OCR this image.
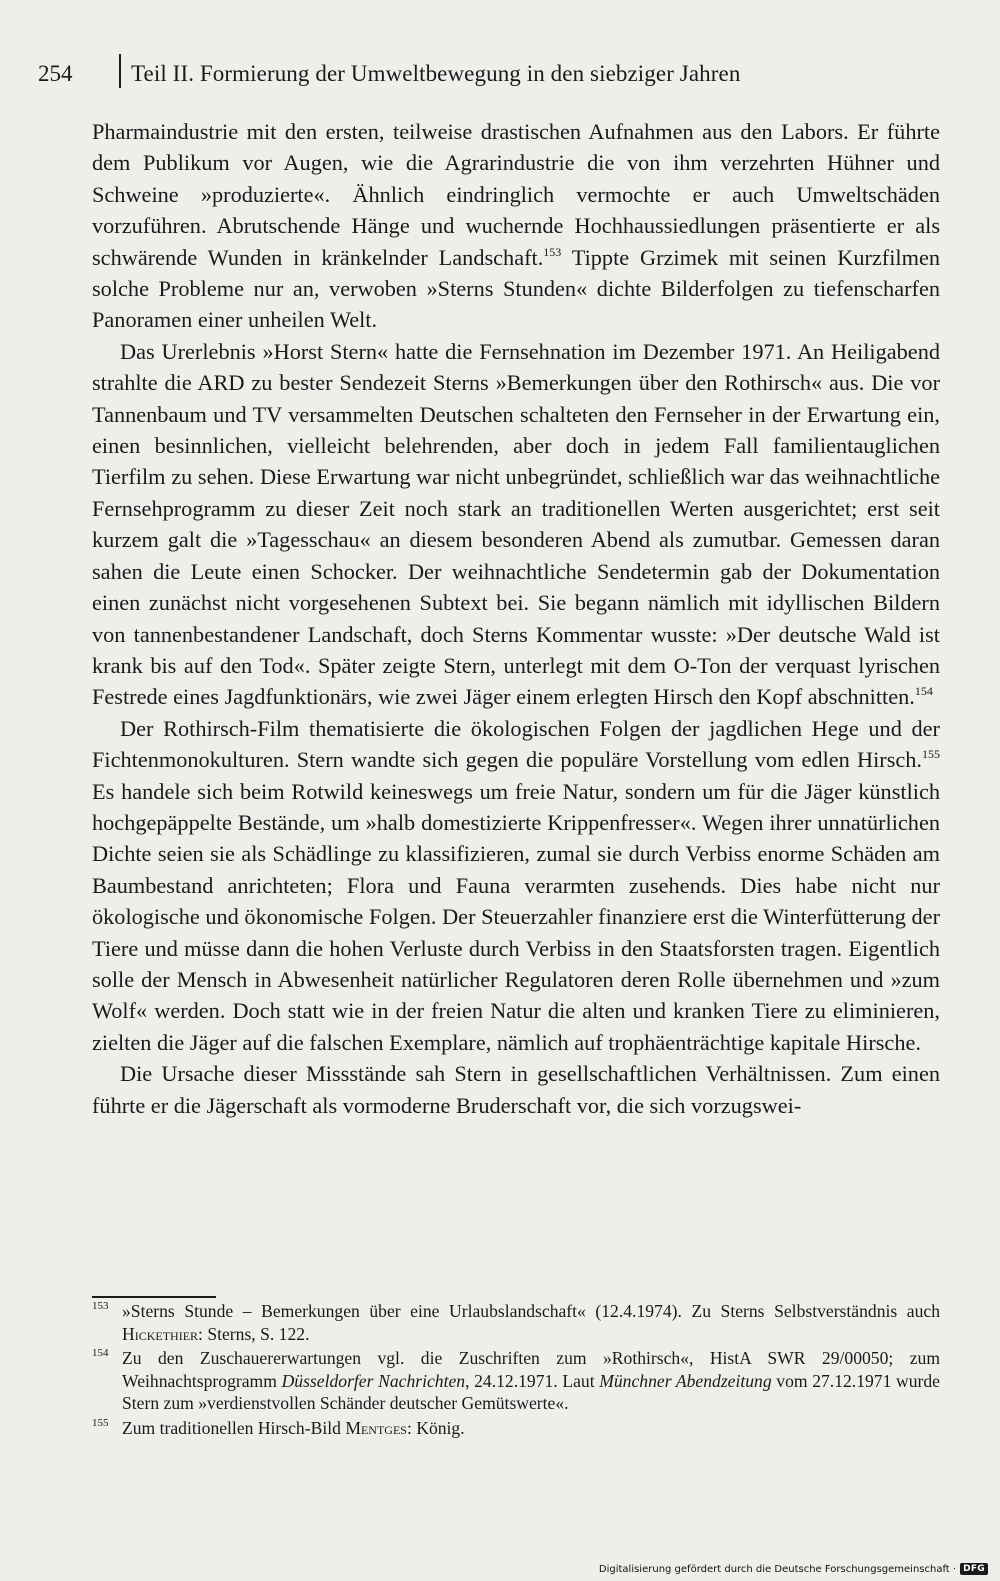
254	Teil II. Formierung der Umweltbewegung in den siebziger Jahren

Pharmaindustrie mit den ersten, teilweise drastischen Aufnahmen aus den Labors. Er führte dem Publikum vor Augen, wie die Agrarindustrie die von ihm verzehrten Hühner und Schweine »produzierte«. Ähnlich eindringlich vermochte er auch Umweltschäden vorzuführen. Abrutschende Hänge und wuchernde Hochhaussiedlungen präsentierte er als schwärende Wunden in kränkelnder Landschaft.$^{153}$ Tippte Grzimek mit seinen Kurzfilmen solche Probleme nur an, verwoben »Sterns Stunden« dichte Bilderfolgen zu tiefenscharfen Panoramen einer unheilen Welt.

Das Urerlebnis »Horst Stern« hatte die Fernsehnation im Dezember 1971. An Heiligabend strahlte die ARD zu bester Sendezeit Sterns »Bemerkungen über den Rothirsch« aus. Die vor Tannenbaum und TV versammelten Deutschen schalteten den Fernseher in der Erwartung ein, einen besinnlichen, vielleicht belehrenden, aber doch in jedem Fall familientauglichen Tierfilm zu sehen. Diese Erwartung war nicht unbegründet, schließlich war das weihnachtliche Fernsehprogramm zu dieser Zeit noch stark an traditionellen Werten ausgerichtet; erst seit kurzem galt die »Tagesschau« an diesem besonderen Abend als zumutbar. Gemessen daran sahen die Leute einen Schocker. Der weihnachtliche Sendetermin gab der Dokumentation einen zunächst nicht vorgesehenen Subtext bei. Sie begann nämlich mit idyllischen Bildern von tannenbestandener Landschaft, doch Sterns Kommentar wusste: »Der deutsche Wald ist krank bis auf den Tod«. Später zeigte Stern, unterlegt mit dem O-Ton der verquast lyrischen Festrede eines Jagdfunktionärs, wie zwei Jäger einem erlegten Hirsch den Kopf abschnitten.$^{154}$

Der Rothirsch-Film thematisierte die ökologischen Folgen der jagdlichen Hege und der Fichtenmonokulturen. Stern wandte sich gegen die populäre Vorstellung vom edlen Hirsch.$^{155}$ Es handele sich beim Rotwild keineswegs um freie Natur, sondern um für die Jäger künstlich hochgepäppelte Bestände, um »halb domestizierte Krippenfresser«. Wegen ihrer unnatürlichen Dichte seien sie als Schädlinge zu klassifizieren, zumal sie durch Verbiss enorme Schäden am Baumbestand anrichteten; Flora und Fauna verarmten zusehends. Dies habe nicht nur ökologische und ökonomische Folgen. Der Steuerzahler finanziere erst die Winterfütterung der Tiere und müsse dann die hohen Verluste durch Verbiss in den Staatsforsten tragen. Eigentlich solle der Mensch in Abwesenheit natürlicher Regulatoren deren Rolle übernehmen und »zum Wolf« werden. Doch statt wie in der freien Natur die alten und kranken Tiere zu eliminieren, zielten die Jäger auf die falschen Exemplare, nämlich auf trophäenträchtige kapitale Hirsche.

Die Ursache dieser Missstände sah Stern in gesellschaftlichen Verhältnissen. Zum einen führte er die Jägerschaft als vormoderne Bruderschaft vor, die sich vorzugswei-

153 »Sterns Stunde – Bemerkungen über eine Urlaubslandschaft« (12.4.1974). Zu Sterns Selbstverständnis auch Hickethier: Sterns, S. 122.
154 Zu den Zuschauererwartungen vgl. die Zuschriften zum »Rothirsch«, HistA SWR 29/00050; zum Weihnachtsprogramm Düsseldorfer Nachrichten, 24.12.1971. Laut Münchner Abendzeitung vom 27.12.1971 wurde Stern zum »verdienstvollen Schänder deutscher Gemütswerte«.
155 Zum traditionellen Hirsch-Bild Mentges: König.
Digitalisierung gefördert durch die Deutsche Forschungsgemeinschaft · DFG
